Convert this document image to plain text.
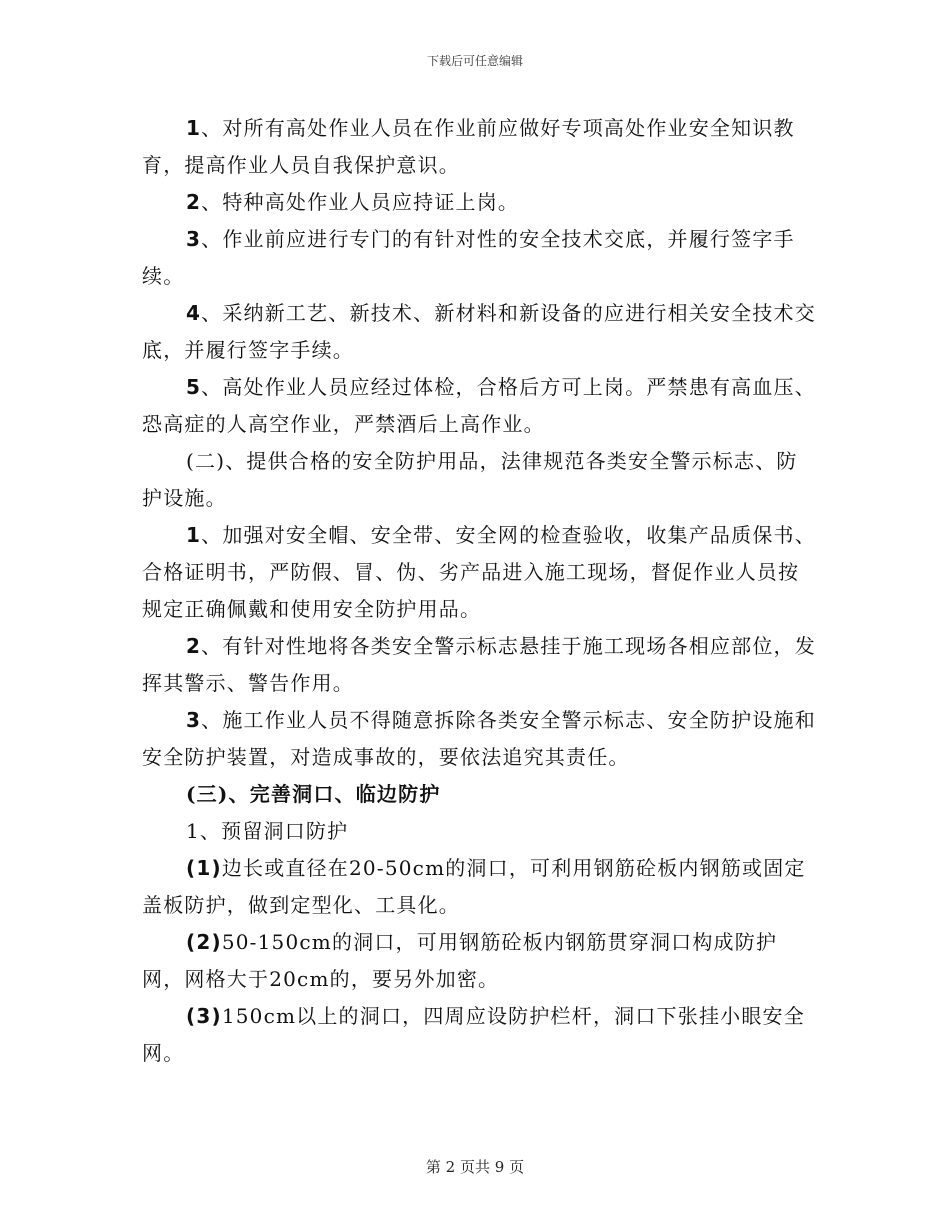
下载后可任意编辑

1、对所有高处作业人员在作业前应做好专项高处作业安全知识教育，提高作业人员自我保护意识。

2、特种高处作业人员应持证上岗。

3、作业前应进行专门的有针对性的安全技术交底，并履行签字手续。

4、采纳新工艺、新技术、新材料和新设备的应进行相关安全技术交底，并履行签字手续。

5、高处作业人员应经过体检，合格后方可上岗。严禁患有高血压、恐高症的人高空作业，严禁酒后上高作业。

(二)、提供合格的安全防护用品，法律规范各类安全警示标志、防护设施。

1、加强对安全帽、安全带、安全网的检查验收，收集产品质保书、合格证明书，严防假、冒、伪、劣产品进入施工现场，督促作业人员按规定正确佩戴和使用安全防护用品。

2、有针对性地将各类安全警示标志悬挂于施工现场各相应部位，发挥其警示、警告作用。

3、施工作业人员不得随意拆除各类安全警示标志、安全防护设施和安全防护装置，对造成事故的，要依法追究其责任。

(三)、完善洞口、临边防护

1、预留洞口防护

(1)边长或直径在20-50cm的洞口，可利用钢筋砼板内钢筋或固定盖板防护，做到定型化、工具化。

(2)50-150cm的洞口，可用钢筋砼板内钢筋贯穿洞口构成防护网，网格大于20cm的，要另外加密。

(3)150cm以上的洞口，四周应设防护栏杆，洞口下张挂小眼安全网。

第 2 页共 9 页
